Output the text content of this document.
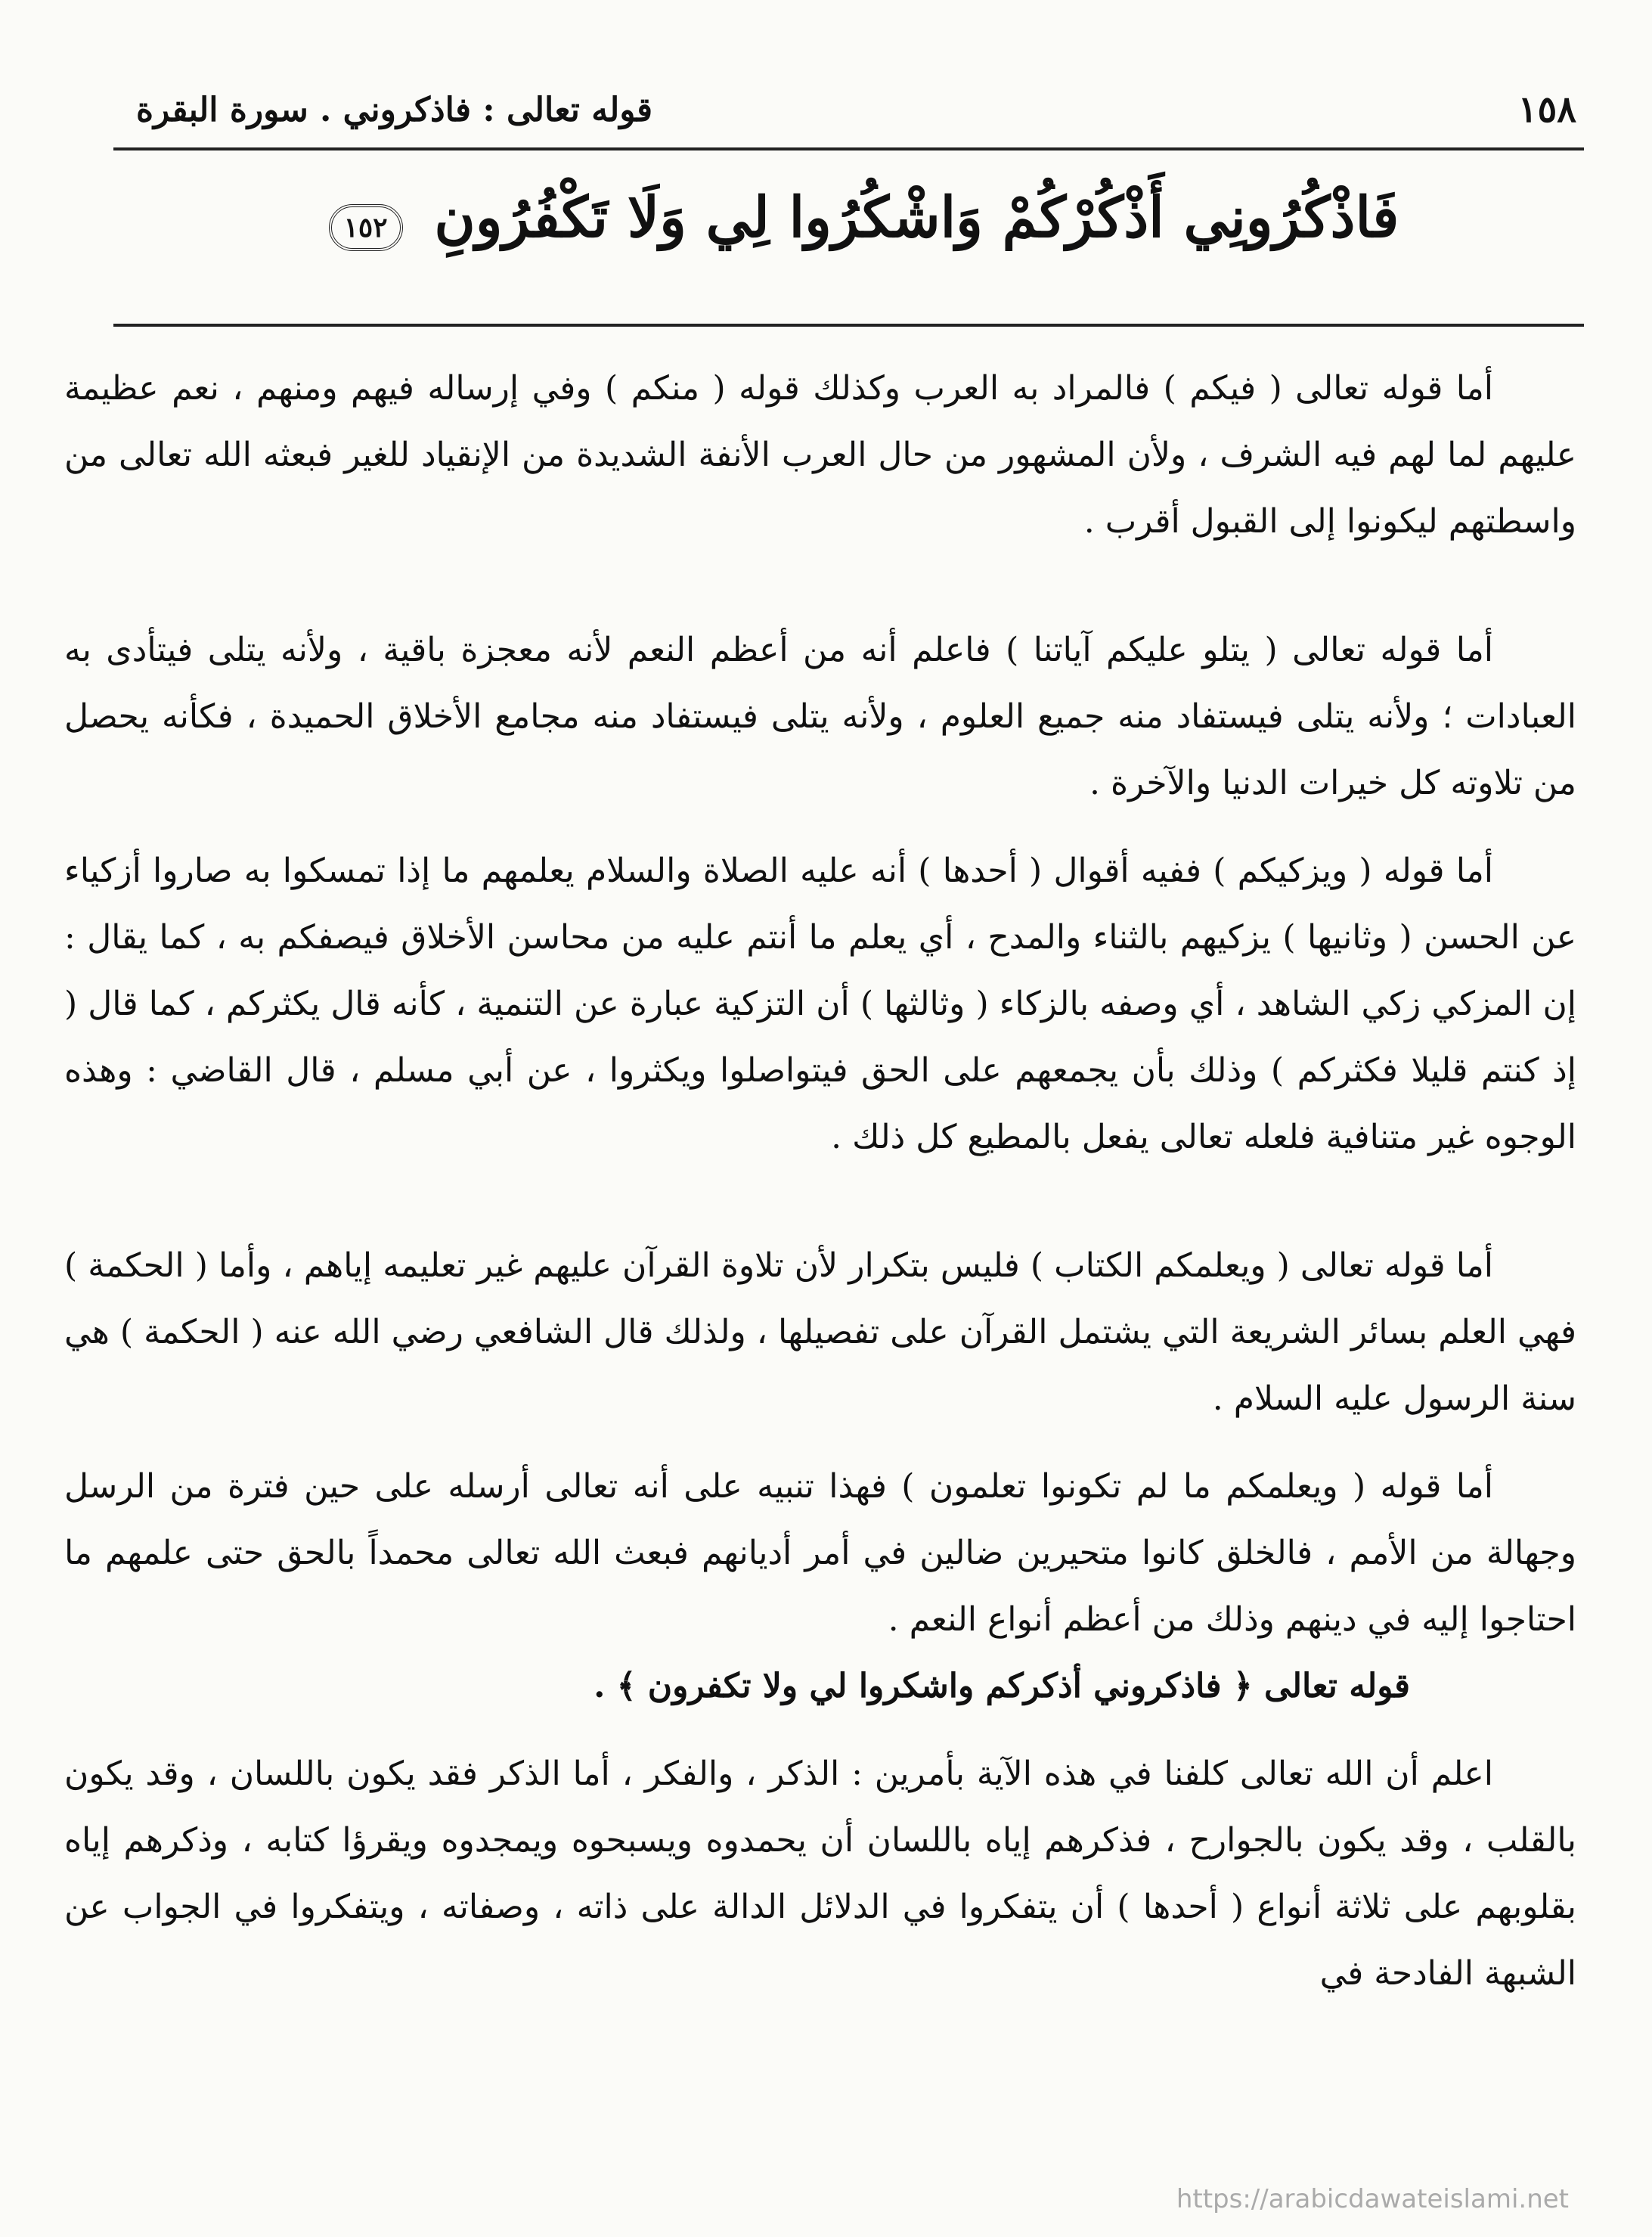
١٥٨
قوله تعالى : فاذكروني . سورة البقرة
فَاذْكُرُونِي أَذْكُرْكُمْ وَاشْكُرُوا لِي وَلَا تَكْفُرُونِ ١٥٢

أما قوله تعالى ( فيكم ) فالمراد به العرب وكذلك قوله ( منكم ) وفي إرساله فيهم ومنهم ، نعم عظيمة عليهم لما لهم فيه الشرف ، ولأن المشهور من حال العرب الأنفة الشديدة من الإنقياد للغير فبعثه الله تعالى من واسطتهم ليكونوا إلى القبول أقرب .

أما قوله تعالى ( يتلو عليكم آياتنا ) فاعلم أنه من أعظم النعم لأنه معجزة باقية ، ولأنه يتلى فيتأدى به العبادات ؛ ولأنه يتلى فيستفاد منه جميع العلوم ، ولأنه يتلى فيستفاد منه مجامع الأخلاق الحميدة ، فكأنه يحصل من تلاوته كل خيرات الدنيا والآخرة .

أما قوله ( ويزكيكم ) ففيه أقوال ( أحدها ) أنه عليه الصلاة والسلام يعلمهم ما إذا تمسكوا به صاروا أزكياء عن الحسن ( وثانيها ) يزكيهم بالثناء والمدح ، أي يعلم ما أنتم عليه من محاسن الأخلاق فيصفكم به ، كما يقال : إن المزكي زكي الشاهد ، أي وصفه بالزكاء ( وثالثها ) أن التزكية عبارة عن التنمية ، كأنه قال يكثركم ، كما قال ( إذ كنتم قليلا فكثركم ) وذلك بأن يجمعهم على الحق فيتواصلوا ويكثروا ، عن أبي مسلم ، قال القاضي : وهذه الوجوه غير متنافية فلعله تعالى يفعل بالمطيع كل ذلك .

أما قوله تعالى ( ويعلمكم الكتاب ) فليس بتكرار لأن تلاوة القرآن عليهم غير تعليمه إياهم ، وأما ( الحكمة ) فهي العلم بسائر الشريعة التي يشتمل القرآن على تفصيلها ، ولذلك قال الشافعي رضي الله عنه ( الحكمة ) هي سنة الرسول عليه السلام .

أما قوله ( ويعلمكم ما لم تكونوا تعلمون ) فهذا تنبيه على أنه تعالى أرسله على حين فترة من الرسل وجهالة من الأمم ، فالخلق كانوا متحيرين ضالين في أمر أديانهم فبعث الله تعالى محمداً بالحق حتى علمهم ما احتاجوا إليه في دينهم وذلك من أعظم أنواع النعم .

قوله تعالى ﴿ فاذكروني أذكركم واشكروا لي ولا تكفرون ﴾ .

اعلم أن الله تعالى كلفنا في هذه الآية بأمرين : الذكر ، والفكر ، أما الذكر فقد يكون باللسان ، وقد يكون بالقلب ، وقد يكون بالجوارح ، فذكرهم إياه باللسان أن يحمدوه ويسبحوه ويمجدوه ويقرؤا كتابه ، وذكرهم إياه بقلوبهم على ثلاثة أنواع ( أحدها ) أن يتفكروا في الدلائل الدالة على ذاته ، وصفاته ، ويتفكروا في الجواب عن الشبهة الفادحة في

https://arabicdawateislami.net
